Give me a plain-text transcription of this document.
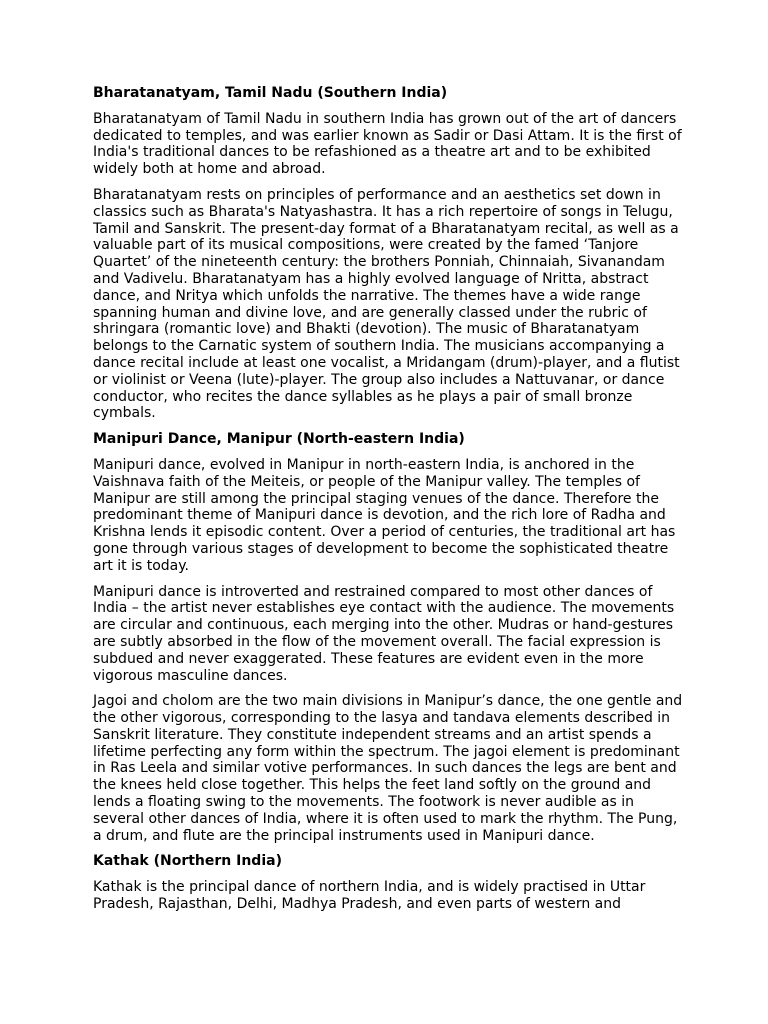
Bharatanatyam, Tamil Nadu (Southern India)
Bharatanatyam of Tamil Nadu in southern India has grown out of the art of dancers dedicated to temples, and was earlier known as Sadir or Dasi Attam. It is the first of India's traditional dances to be refashioned as a theatre art and to be exhibited widely both at home and abroad.
Bharatanatyam rests on principles of performance and an aesthetics set down in classics such as Bharata's Natyashastra. It has a rich repertoire of songs in Telugu, Tamil and Sanskrit. The present-day format of a Bharatanatyam recital, as well as a valuable part of its musical compositions, were created by the famed ‘Tanjore Quartet’ of the nineteenth century: the brothers Ponniah, Chinnaiah, Sivanandam and Vadivelu. Bharatanatyam has a highly evolved language of Nritta, abstract dance, and Nritya which unfolds the narrative. The themes have a wide range spanning human and divine love, and are generally classed under the rubric of shringara (romantic love) and Bhakti (devotion). The music of Bharatanatyam belongs to the Carnatic system of southern India. The musicians accompanying a dance recital include at least one vocalist, a Mridangam (drum)-player, and a flutist or violinist or Veena (lute)-player. The group also includes a Nattuvanar, or dance conductor, who recites the dance syllables as he plays a pair of small bronze cymbals.
Manipuri Dance, Manipur (North-eastern India)
Manipuri dance, evolved in Manipur in north-eastern India, is anchored in the Vaishnava faith of the Meiteis, or people of the Manipur valley. The temples of Manipur are still among the principal staging venues of the dance. Therefore the predominant theme of Manipuri dance is devotion, and the rich lore of Radha and Krishna lends it episodic content. Over a period of centuries, the traditional art has gone through various stages of development to become the sophisticated theatre art it is today.
Manipuri dance is introverted and restrained compared to most other dances of India – the artist never establishes eye contact with the audience. The movements are circular and continuous, each merging into the other. Mudras or hand-gestures are subtly absorbed in the flow of the movement overall. The facial expression is subdued and never exaggerated. These features are evident even in the more vigorous masculine dances.
Jagoi and cholom are the two main divisions in Manipur’s dance, the one gentle and the other vigorous, corresponding to the lasya and tandava elements described in Sanskrit literature. They constitute independent streams and an artist spends a lifetime perfecting any form within the spectrum. The jagoi element is predominant in Ras Leela and similar votive performances. In such dances the legs are bent and the knees held close together. This helps the feet land softly on the ground and lends a floating swing to the movements. The footwork is never audible as in several other dances of India, where it is often used to mark the rhythm. The Pung, a drum, and flute are the principal instruments used in Manipuri dance.
Kathak (Northern India)
Kathak is the principal dance of northern India, and is widely practised in Uttar Pradesh, Rajasthan, Delhi, Madhya Pradesh, and even parts of western and
